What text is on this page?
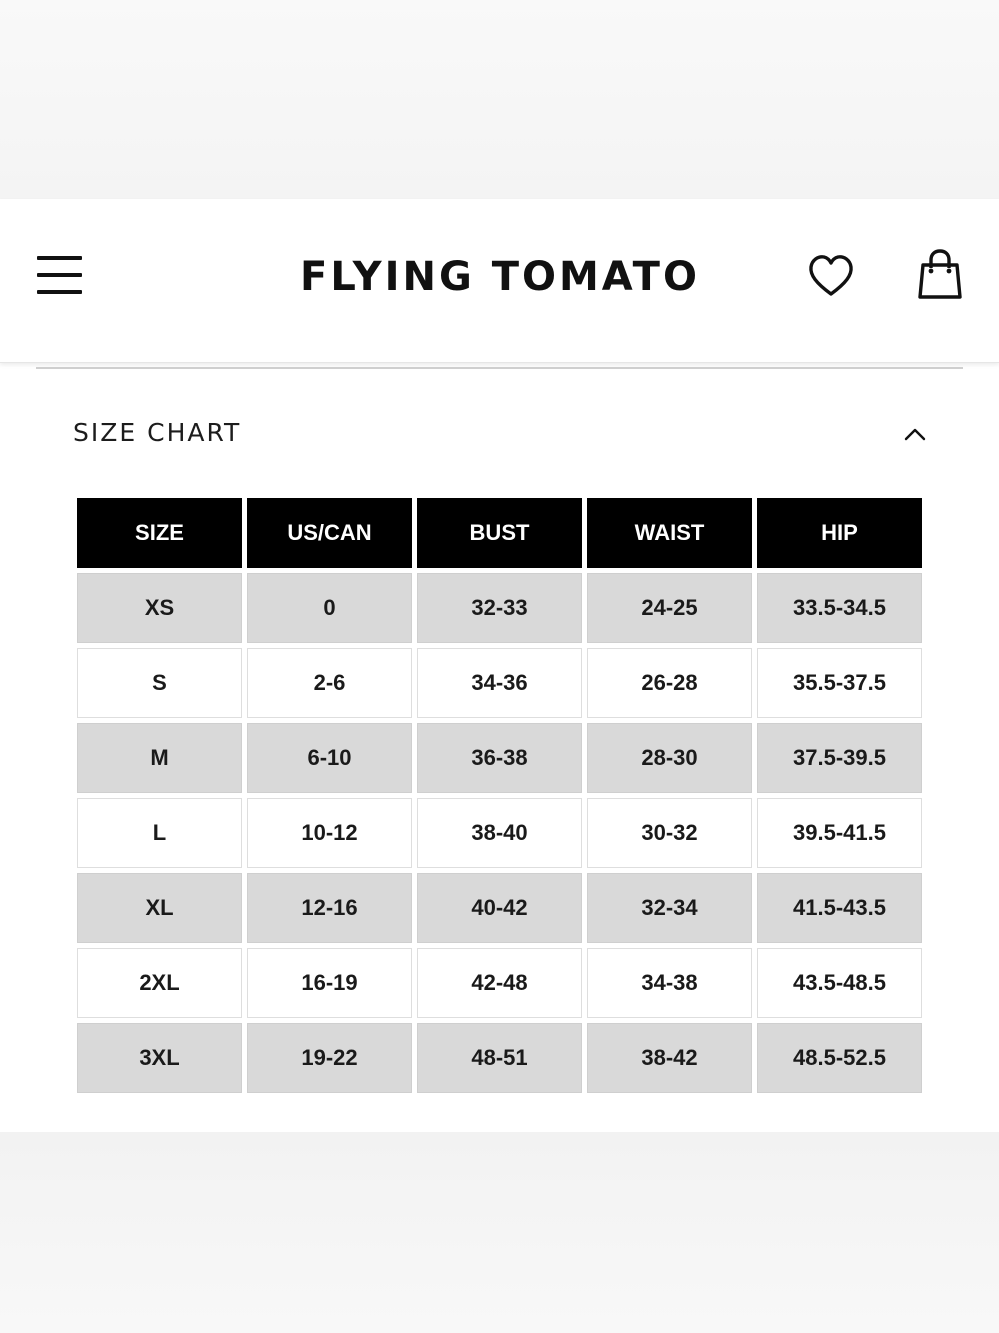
FLYING TOMATO
SIZE CHART
SIZE	US/CAN	BUST	WAIST	HIP
XS	0	32-33	24-25	33.5-34.5
S	2-6	34-36	26-28	35.5-37.5
M	6-10	36-38	28-30	37.5-39.5
L	10-12	38-40	30-32	39.5-41.5
XL	12-16	40-42	32-34	41.5-43.5
2XL	16-19	42-48	34-38	43.5-48.5
3XL	19-22	48-51	38-42	48.5-52.5
